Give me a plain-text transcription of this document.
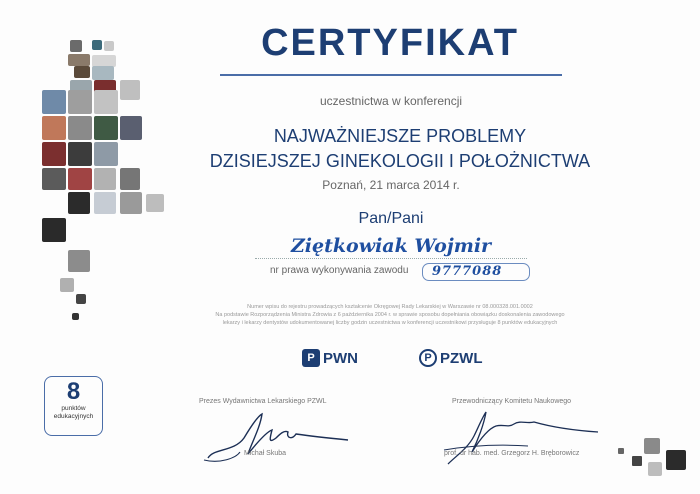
CERTYFIKAT
uczestnictwa w konferencji
NAJWAŻNIEJSZE PROBLEMY
DZISIEJSZEJ GINEKOLOGII I POŁOŻNICTWA
Poznań, 21 marca 2014 r.
Pan/Pani
Ziętkowiak Wojmir
nr prawa wykonywania zawodu 9777088
Numer wpisu do rejestru prowadzących kształcenie Okręgowej Rady Lekarskiej w Warszawie nr 08.000328.001.0002
Na podstawie Rozporządzenia Ministra Zdrowia z 6 października 2004 r. w sprawie sposobu dopełniania obowiązku doskonalenia zawodowego
lekarzy i lekarzy dentystów udokumentowanej liczby godzin uczestnictwa w konferencji uczestnikowi przysługuje 8 punktów edukacyjnych
P PWN	P PZWL
8
punktów
edukacyjnych
Prezes Wydawnictwa Lekarskiego PZWL
Michał Skuba
Przewodniczący Komitetu Naukowego
prof. dr hab. med. Grzegorz H. Bręborowicz
